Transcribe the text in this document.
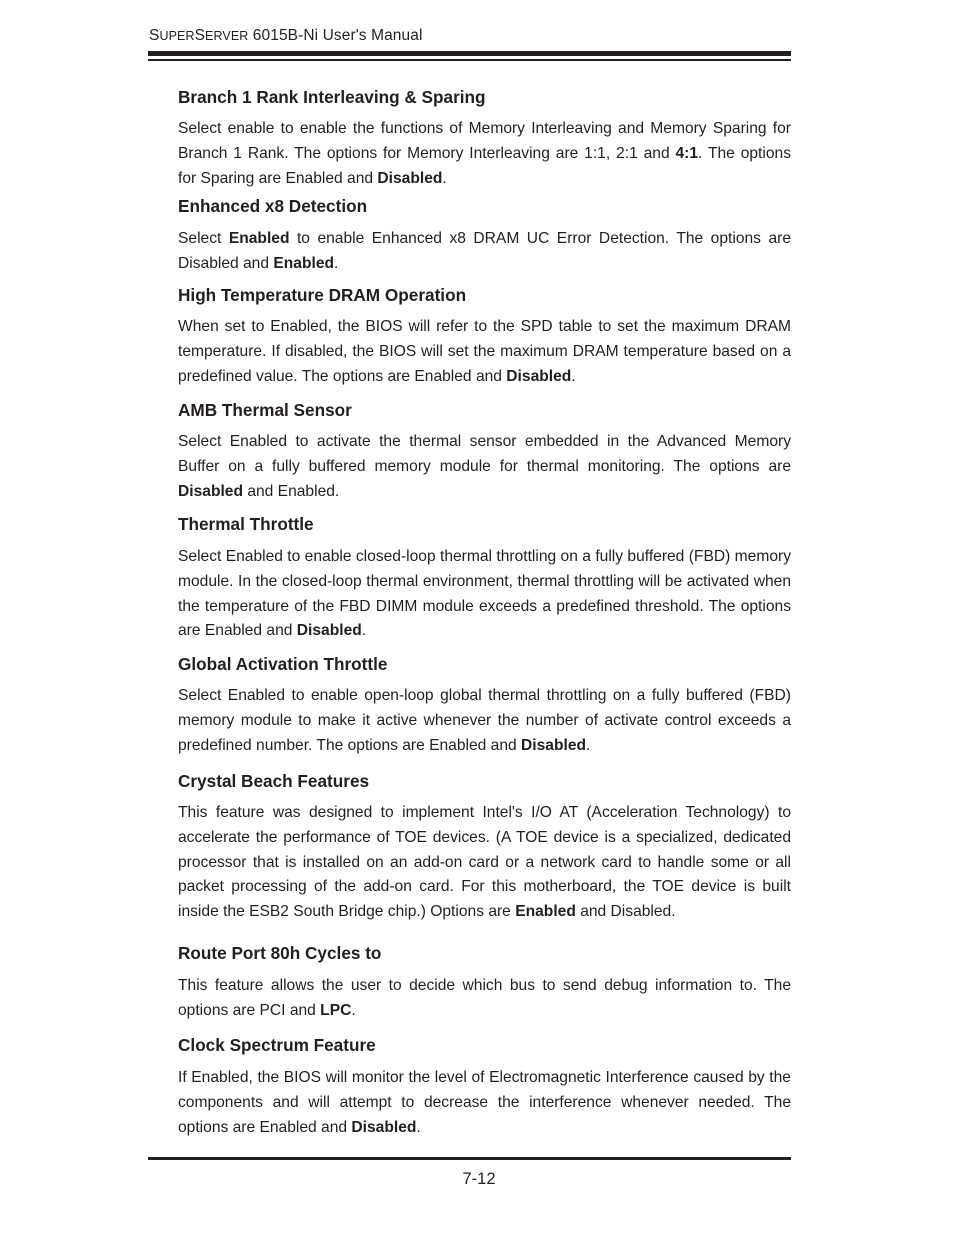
SUPERSERVER 6015B-Ni User's Manual
Branch 1 Rank Interleaving & Sparing

Select enable to enable the functions of Memory Interleaving and Memory Sparing for Branch 1 Rank. The options for Memory Interleaving are 1:1, 2:1 and 4:1. The options for Sparing are Enabled and Disabled.

Enhanced x8 Detection

Select Enabled to enable Enhanced x8 DRAM UC Error Detection. The options are Disabled and Enabled.

High Temperature DRAM Operation

When set to Enabled, the BIOS will refer to the SPD table to set the maximum DRAM temperature. If disabled, the BIOS will set the maximum DRAM temperature based on a predefined value. The options are Enabled and Disabled.

AMB Thermal Sensor

Select Enabled to activate the thermal sensor embedded in the Advanced Memory Buffer on a fully buffered memory module for thermal monitoring. The options are Disabled and Enabled.

Thermal Throttle

Select Enabled to enable closed-loop thermal throttling on a fully buffered (FBD) memory module. In the closed-loop thermal environment, thermal throttling will be activated when the temperature of the FBD DIMM module exceeds a predefined threshold. The options are Enabled and Disabled.

Global Activation Throttle

Select Enabled to enable open-loop global thermal throttling on a fully buffered (FBD) memory module to make it active whenever the number of activate control exceeds a predefined number. The options are Enabled and Disabled.

Crystal Beach Features

This feature was designed to implement Intel's I/O AT (Acceleration Technology) to accelerate the performance of TOE devices. (A TOE device is a specialized, dedicated processor that is installed on an add-on card or a network card to handle some or all packet processing of the add-on card. For this motherboard, the TOE device is built inside the ESB2 South Bridge chip.) Options are Enabled and Disabled.

Route Port 80h Cycles to

This feature allows the user to decide which bus to send debug information to. The options are PCI and LPC.

Clock Spectrum Feature

If Enabled, the BIOS will monitor the level of Electromagnetic Interference caused by the components and will attempt to decrease the interference whenever needed. The options are Enabled and Disabled.

7-12
